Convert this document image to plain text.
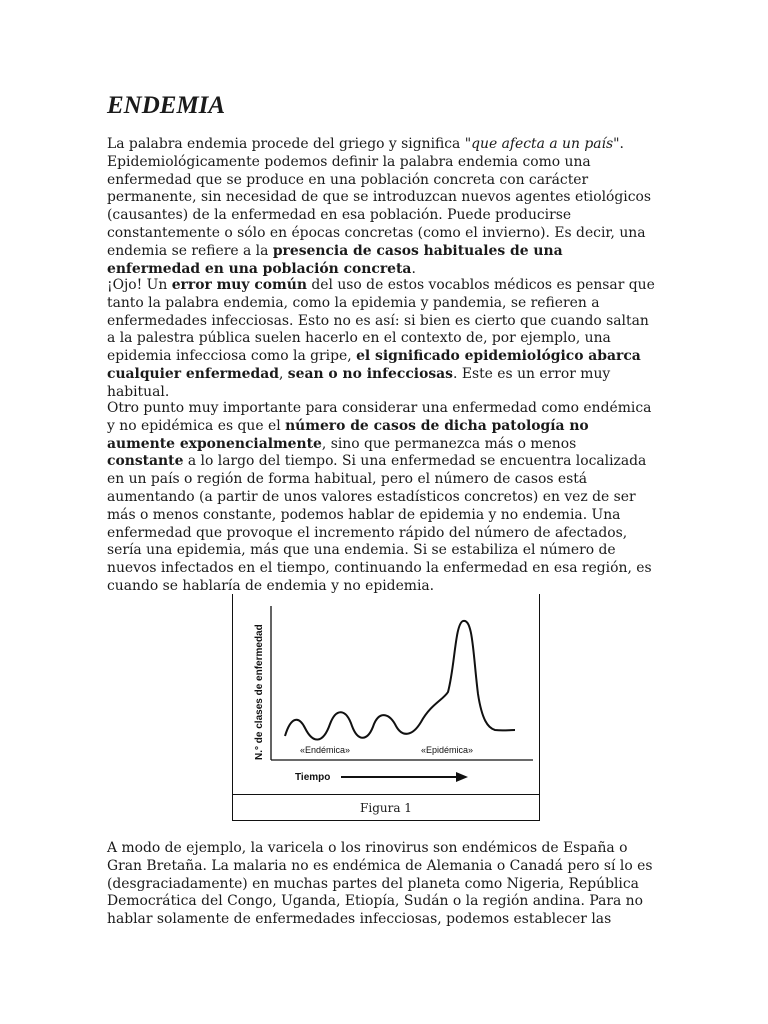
ENDEMIA

La palabra endemia procede del griego y significa "que afecta a un país". Epidemiológicamente podemos definir la palabra endemia como una enfermedad que se produce en una población concreta con carácter permanente, sin necesidad de que se introduzcan nuevos agentes etiológicos (causantes) de la enfermedad en esa población. Puede producirse constantemente o sólo en épocas concretas (como el invierno). Es decir, una endemia se refiere a la presencia de casos habituales de una enfermedad en una población concreta.

¡Ojo! Un error muy común del uso de estos vocablos médicos es pensar que tanto la palabra endemia, como la epidemia y pandemia, se refieren a enfermedades infecciosas. Esto no es así: si bien es cierto que cuando saltan a la palestra pública suelen hacerlo en el contexto de, por ejemplo, una epidemia infecciosa como la gripe, el significado epidemiológico abarca cualquier enfermedad, sean o no infecciosas. Este es un error muy habitual.

Otro punto muy importante para considerar una enfermedad como endémica y no epidémica es que el número de casos de dicha patología no aumente exponencialmente, sino que permanezca más o menos constante a lo largo del tiempo. Si una enfermedad se encuentra localizada en un país o región de forma habitual, pero el número de casos está aumentando (a partir de unos valores estadísticos concretos) en vez de ser más o menos constante, podemos hablar de epidemia y no endemia. Una enfermedad que provoque el incremento rápido del número de afectados, sería una epidemia, más que una endemia. Si se estabiliza el número de nuevos infectados en el tiempo, continuando la enfermedad en esa región, es cuando se hablaría de endemia y no epidemia.

N.° de clases de enfermedad	«Endémica»	«Epidémica»
Tiempo
Figura 1

A modo de ejemplo, la varicela o los rinovirus son endémicos de España o Gran Bretaña. La malaria no es endémica de Alemania o Canadá pero sí lo es (desgraciadamente) en muchas partes del planeta como Nigeria, República Democrática del Congo, Uganda, Etiopía, Sudán o la región andina. Para no hablar solamente de enfermedades infecciosas, podemos establecer las
